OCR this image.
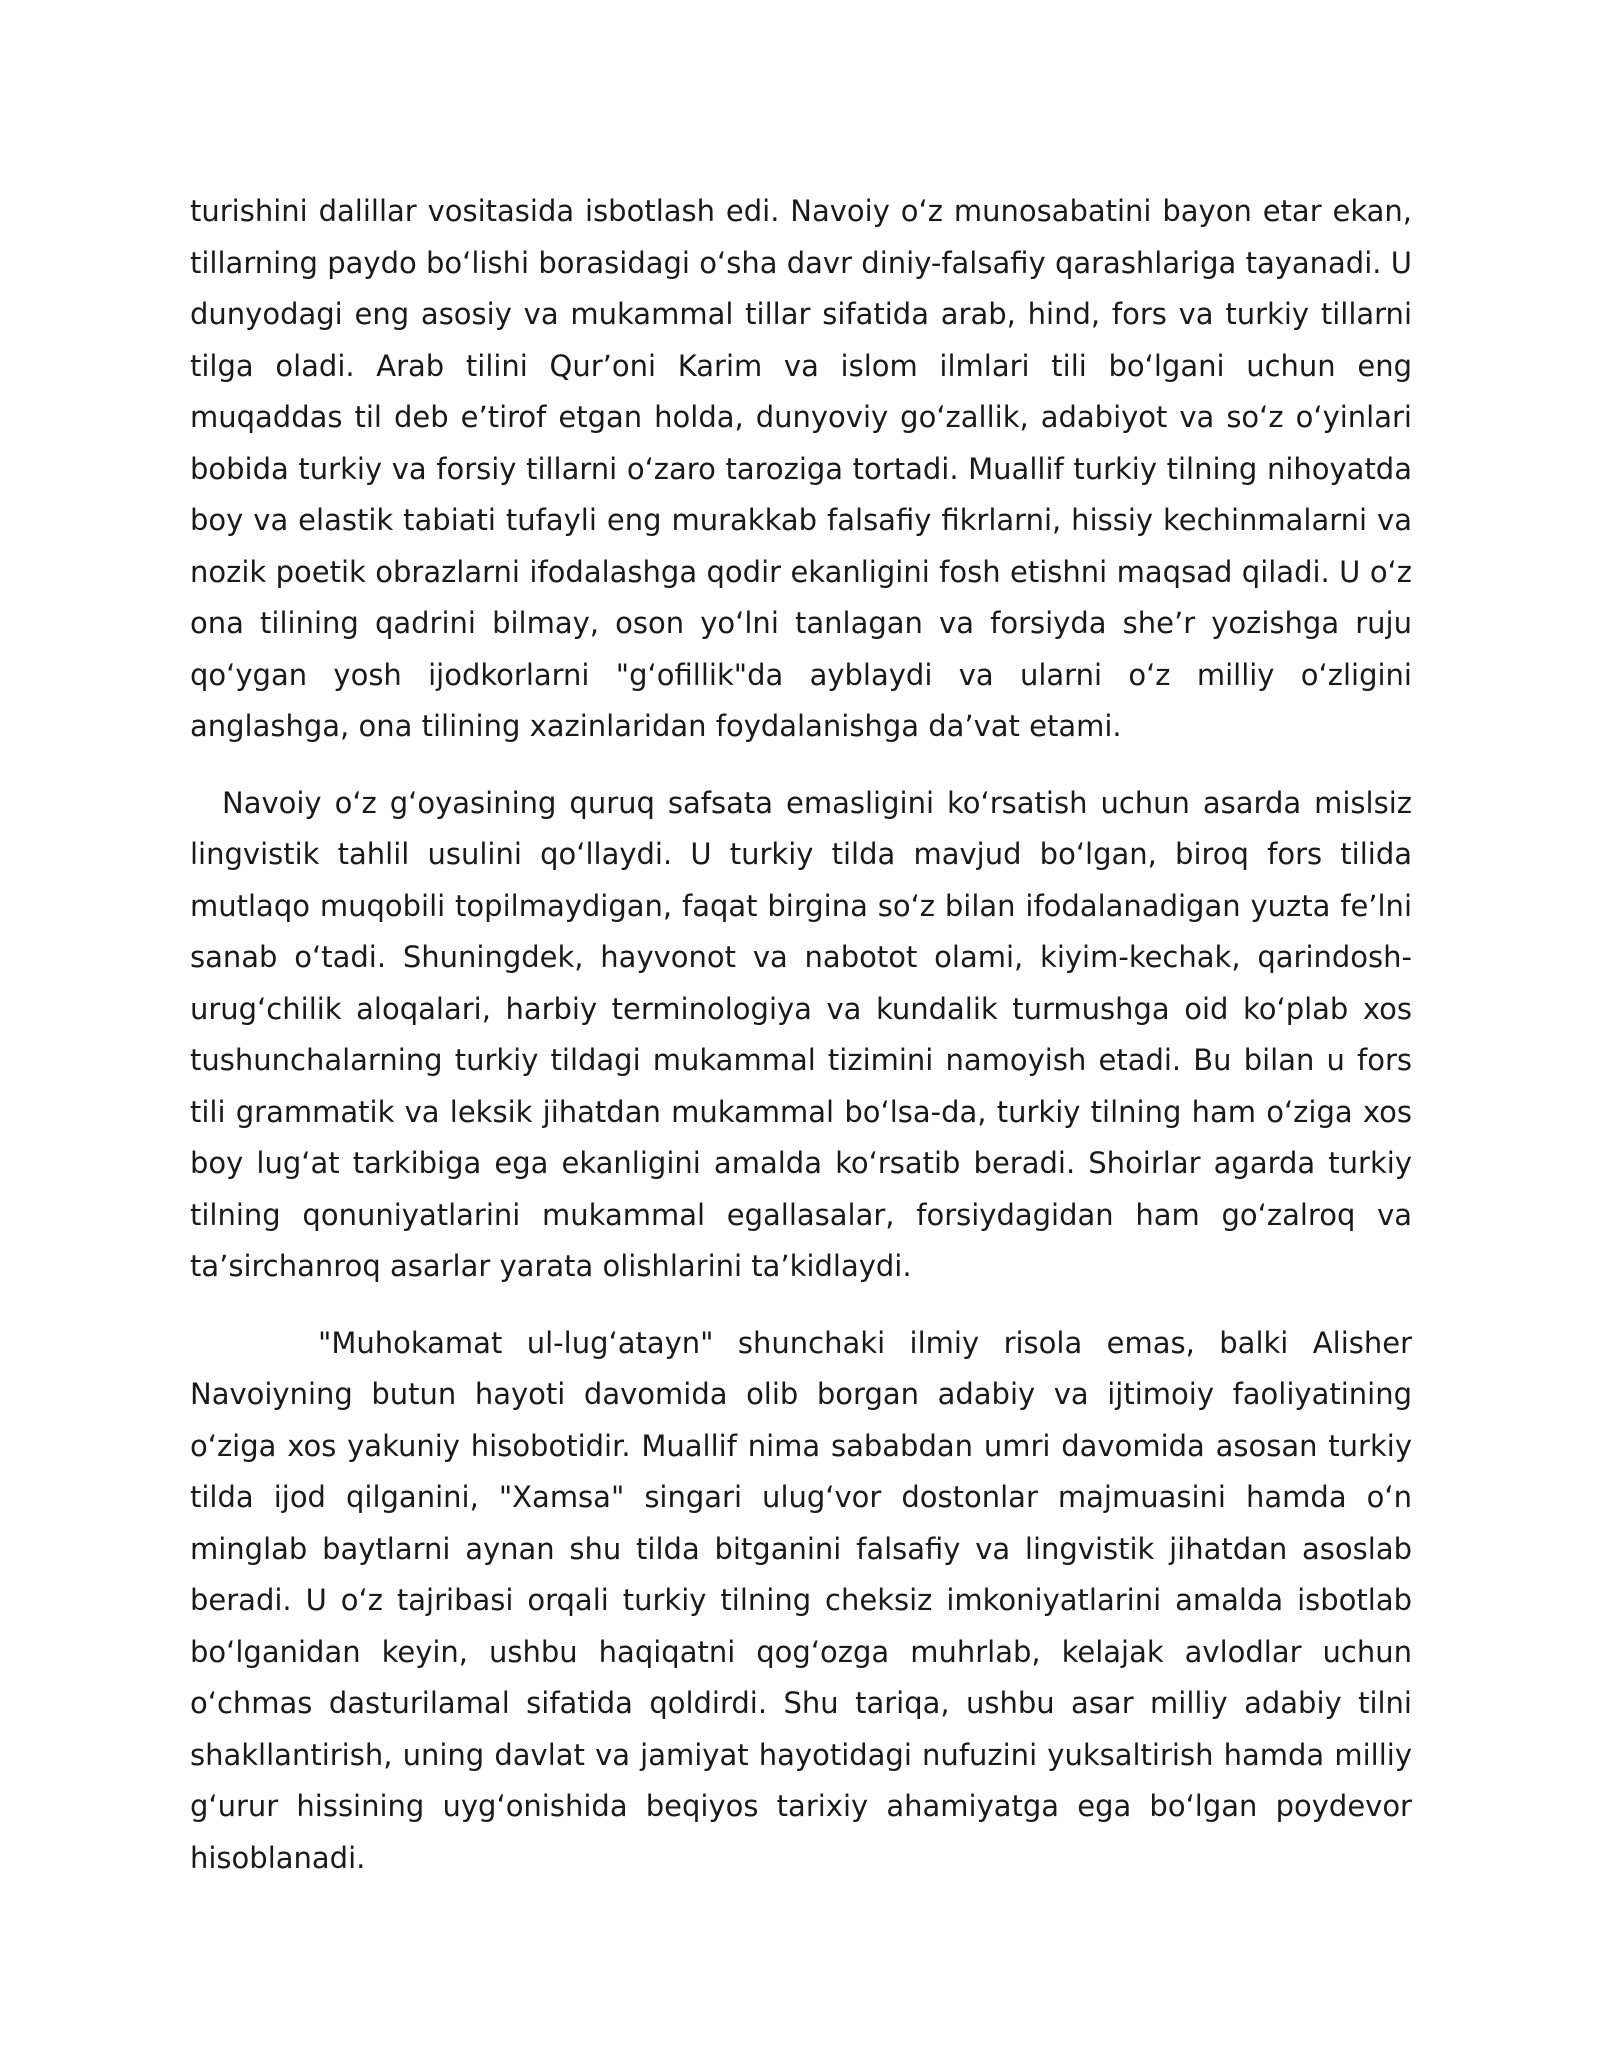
turishini dalillar vositasida isbotlash edi. Navoiy o‘z munosabatini bayon etar ekan, tillarning paydo bo‘lishi borasidagi o‘sha davr diniy-falsafiy qarashlariga tayanadi. U dunyodagi eng asosiy va mukammal tillar sifatida arab, hind, fors va turkiy tillarni tilga oladi. Arab tilini Qur’oni Karim va islom ilmlari tili bo‘lgani uchun eng muqaddas til deb e’tirof etgan holda, dunyoviy go‘zallik, adabiyot va so‘z o‘yinlari bobida turkiy va forsiy tillarni o‘zaro taroziga tortadi. Muallif turkiy tilning nihoyatda boy va elastik tabiati tufayli eng murakkab falsafiy fikrlarni, hissiy kechinmalarni va nozik poetik obrazlarni ifodalashga qodir ekanligini fosh etishni maqsad qiladi. U o‘z ona tilining qadrini bilmay, oson yo‘lni tanlagan va forsiyda she’r yozishga ruju qo‘ygan yosh ijodkorlarni "g‘ofillik"da ayblaydi va ularni o‘z milliy o‘zligini anglashga, ona tilining xazinlaridan foydalanishga da’vat etami.

Navoiy o‘z g‘oyasining quruq safsata emasligini ko‘rsatish uchun asarda mislsiz lingvistik tahlil usulini qo‘llaydi. U turkiy tilda mavjud bo‘lgan, biroq fors tilida mutlaqo muqobili topilmaydigan, faqat birgina so‘z bilan ifodalanadigan yuzta fe’lni sanab o‘tadi. Shuningdek, hayvonot va nabotot olami, kiyim-kechak, qarindosh-urug‘chilik aloqalari, harbiy terminologiya va kundalik turmushga oid ko‘plab xos tushunchalarning turkiy tildagi mukammal tizimini namoyish etadi. Bu bilan u fors tili grammatik va leksik jihatdan mukammal bo‘lsa-da, turkiy tilning ham o‘ziga xos boy lug‘at tarkibiga ega ekanligini amalda ko‘rsatib beradi. Shoirlar agarda turkiy tilning qonuniyatlarini mukammal egallasalar, forsiydagidan ham go‘zalroq va ta’sirchanroq asarlar yarata olishlarini ta’kidlaydi.

"Muhokamat ul-lug‘atayn" shunchaki ilmiy risola emas, balki Alisher Navoiyning butun hayoti davomida olib borgan adabiy va ijtimoiy faoliyatining o‘ziga xos yakuniy hisobotidir. Muallif nima sababdan umri davomida asosan turkiy tilda ijod qilganini, "Xamsa" singari ulug‘vor dostonlar majmuasini hamda o‘n minglab baytlarni aynan shu tilda bitganini falsafiy va lingvistik jihatdan asoslab beradi. U o‘z tajribasi orqali turkiy tilning cheksiz imkoniyatlarini amalda isbotlab bo‘lganidan keyin, ushbu haqiqatni qog‘ozga muhrlab, kelajak avlodlar uchun o‘chmas dasturilamal sifatida qoldirdi. Shu tariqa, ushbu asar milliy adabiy tilni shakllantirish, uning davlat va jamiyat hayotidagi nufuzini yuksaltirish hamda milliy g‘urur hissining uyg‘onishida beqiyos tarixiy ahamiyatga ega bo‘lgan poydevor hisoblanadi.
